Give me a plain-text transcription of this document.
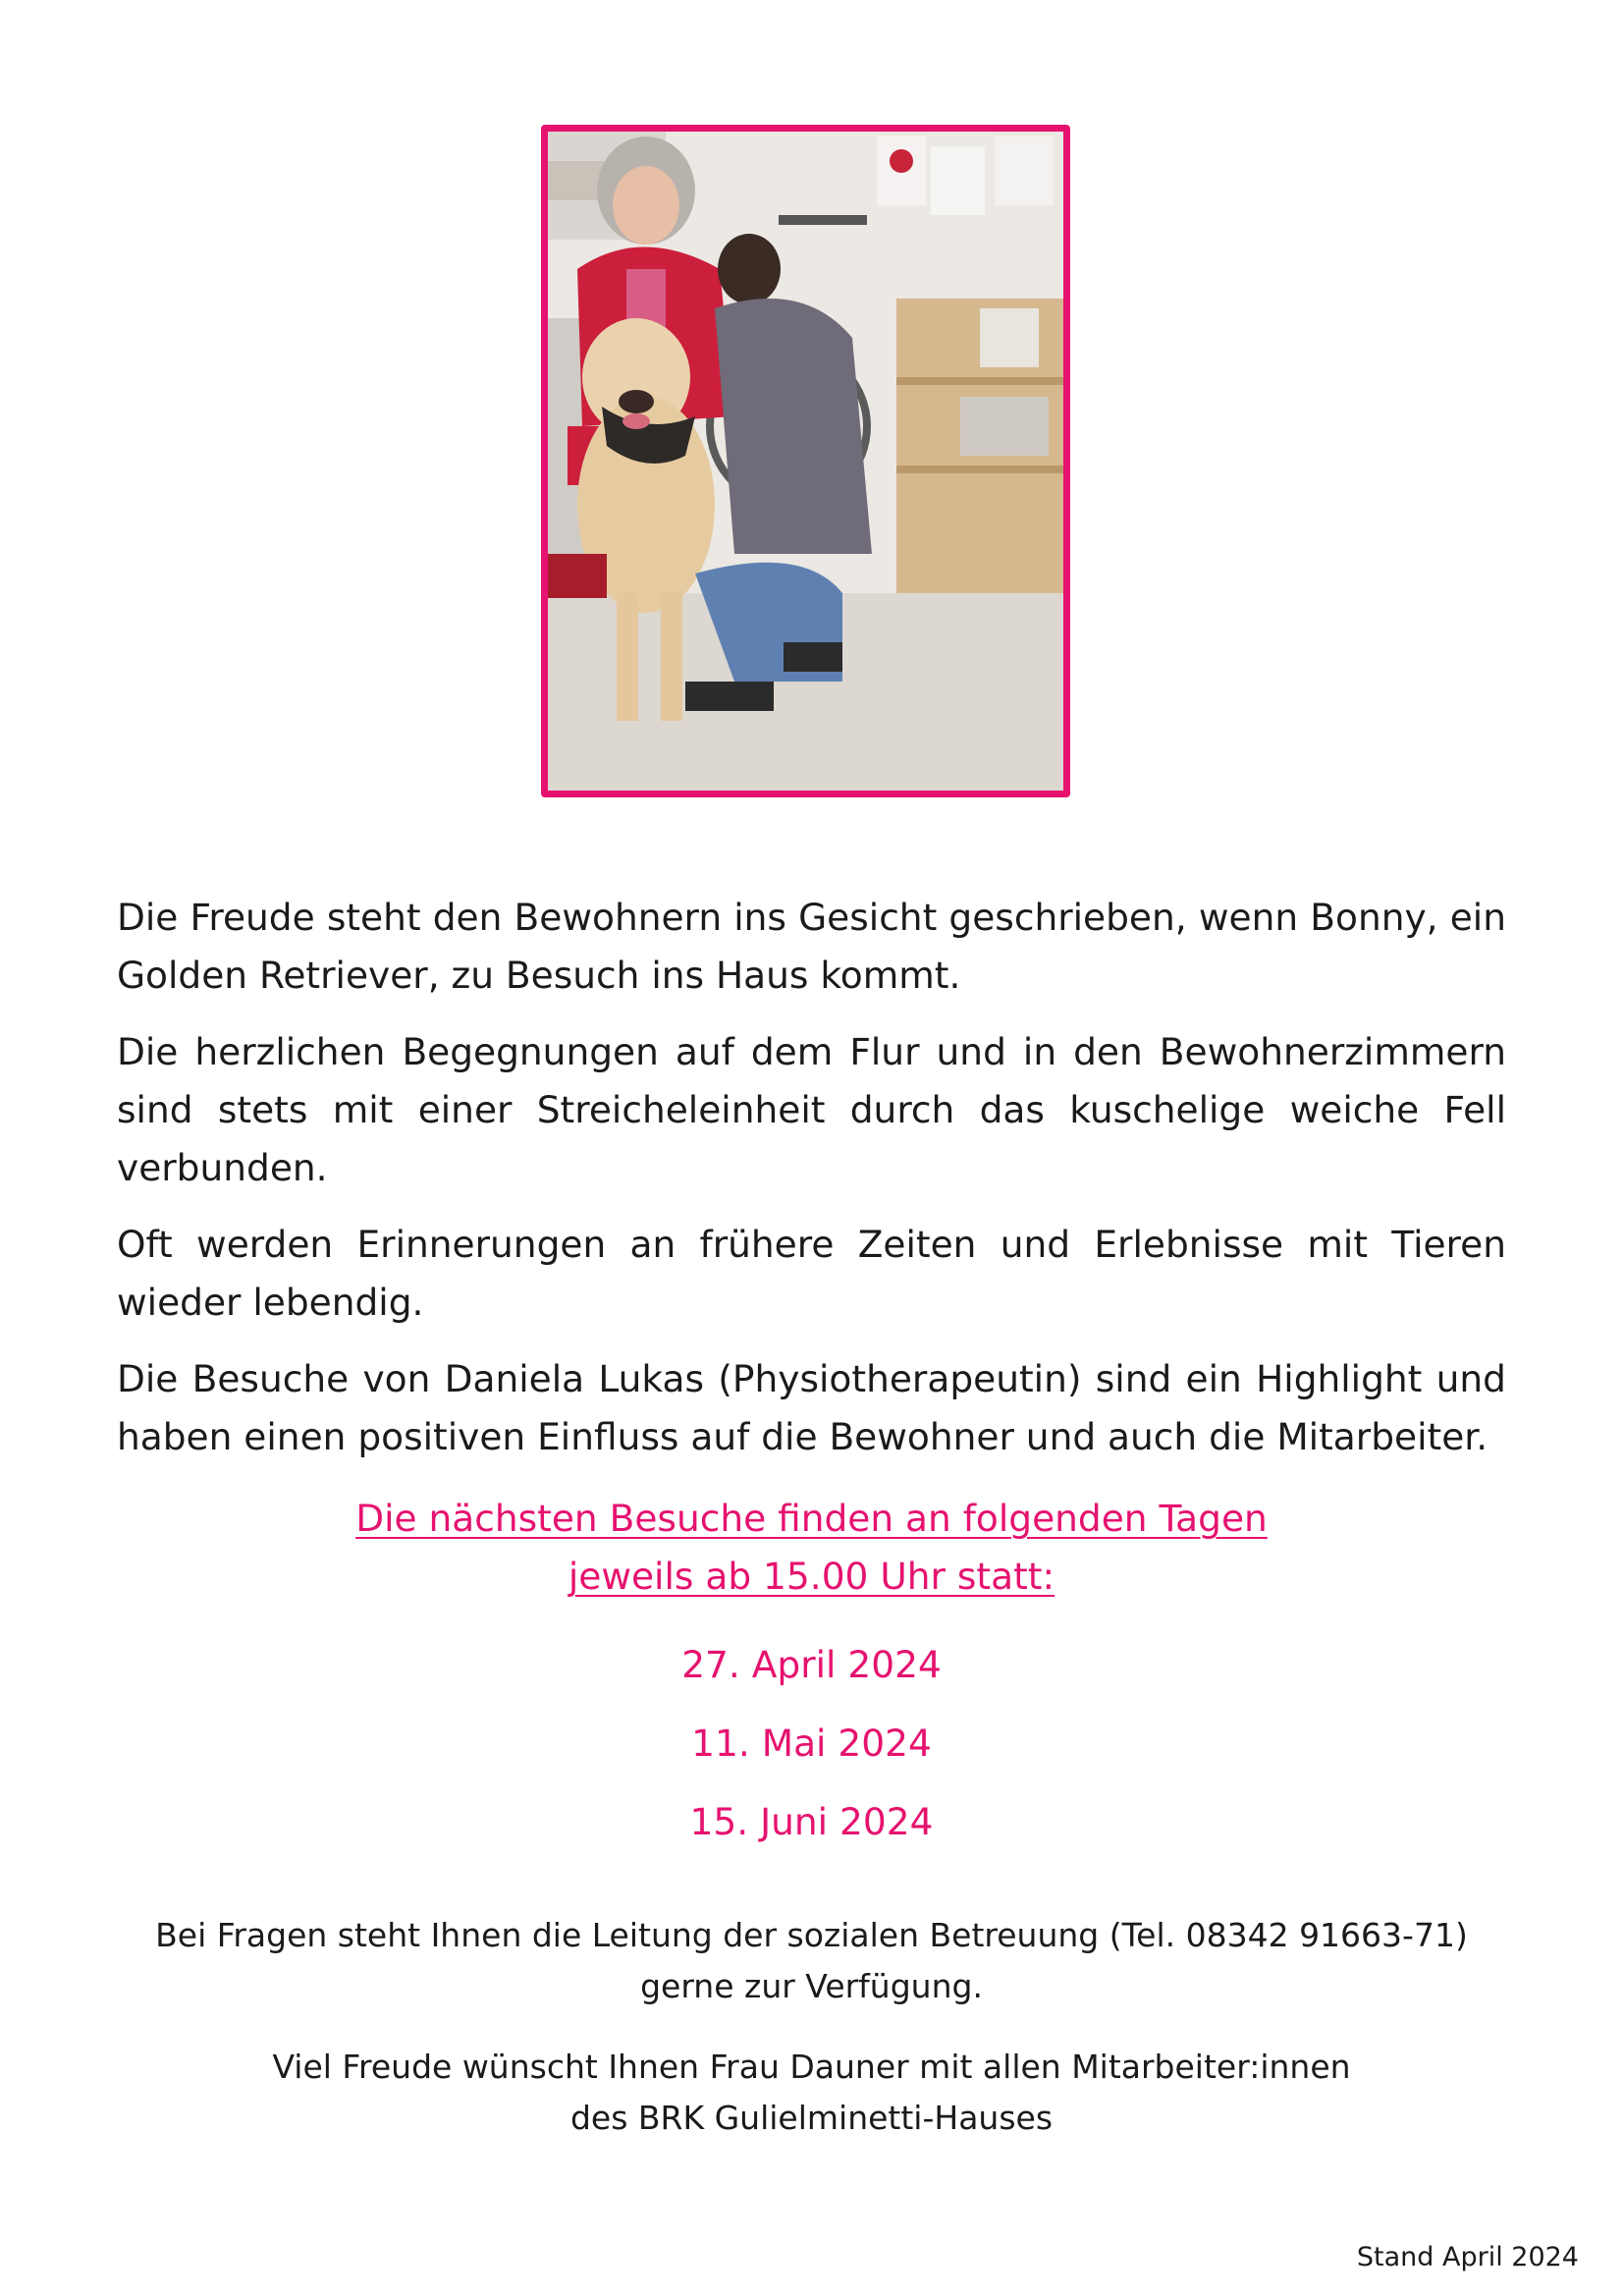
Die Freude steht den Bewohnern ins Gesicht geschrieben, wenn Bonny, ein Golden Retriever, zu Besuch ins Haus kommt.

Die herzlichen Begegnungen auf dem Flur und in den Bewohnerzimmern sind stets mit einer Streicheleinheit durch das kuschelige weiche Fell verbunden.

Oft werden Erinnerungen an frühere Zeiten und Erlebnisse mit Tieren wieder lebendig.

Die Besuche von Daniela Lukas (Physiotherapeutin) sind ein Highlight und haben einen positiven Einfluss auf die Bewohner und auch die Mitarbeiter.

Die nächsten Besuche finden an folgenden Tagen
jeweils ab 15.00 Uhr statt:
27. April 2024
11. Mai 2024
15. Juni 2024

Bei Fragen steht Ihnen die Leitung der sozialen Betreuung (Tel. 08342 91663-71)
gerne zur Verfügung.

Viel Freude wünscht Ihnen Frau Dauner mit allen Mitarbeiter:innen
des BRK Gulielminetti-Hauses

Stand April 2024
